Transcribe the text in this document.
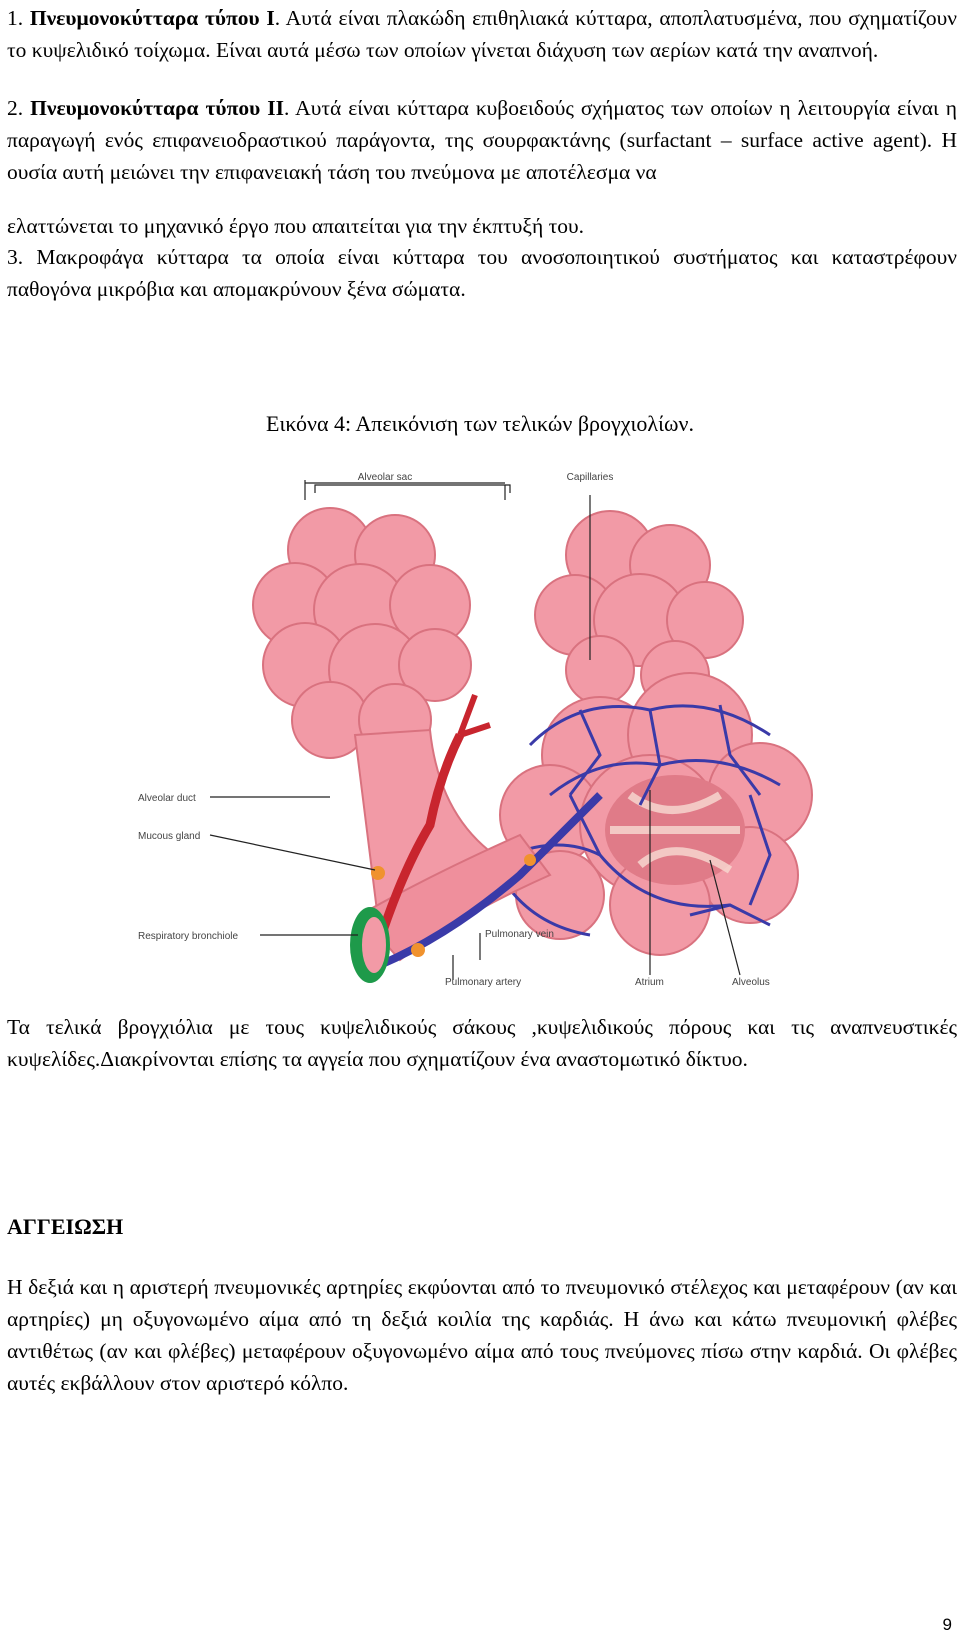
1. Πνευμονοκύτταρα τύπου Ι. Αυτά είναι πλακώδη επιθηλιακά κύτταρα, αποπλατυσμένα, που σχηματίζουν το κυψελιδικό τοίχωμα. Είναι αυτά μέσω των οποίων γίνεται διάχυση των αερίων κατά την αναπνοή.
2. Πνευμονοκύτταρα τύπου ΙΙ. Αυτά είναι κύτταρα κυβοειδούς σχήματος των οποίων η λειτουργία είναι η παραγωγή ενός επιφανειοδραστικού παράγοντα, της σουρφακτάνης (surfactant – surface active agent). Η ουσία αυτή μειώνει την επιφανειακή τάση του πνεύμονα με αποτέλεσμα να
ελαττώνεται το μηχανικό έργο που απαιτείται για την έκπτυξή του.
3. Μακροφάγα κύτταρα τα οποία είναι κύτταρα του ανοσοποιητικού συστήματος και καταστρέφουν παθογόνα μικρόβια και απομακρύνουν ξένα σώματα.
Εικόνα 4: Απεικόνιση των τελικών βρογχιολίων.
Alveolar sac	Capillaries
Alveolar duct
Mucous gland
Respiratory bronchiole	Pulmonary vein
Pulmonary artery	Atrium	Alveolus
Τα τελικά βρογχιόλια με τους κυψελιδικούς σάκους ,κυψελιδικούς πόρους και τις αναπνευστικές κυψελίδες.Διακρίνονται επίσης τα αγγεία που σχηματίζουν ένα αναστομωτικό δίκτυο.
ΑΓΓΕΙΩΣΗ
Η δεξιά και η αριστερή πνευμονικές αρτηρίες εκφύονται από το πνευμονικό στέλεχος και μεταφέρουν (αν και αρτηρίες) μη οξυγονωμένο αίμα από τη δεξιά κοιλία της καρδιάς. Η άνω και κάτω πνευμονική φλέβες αντιθέτως (αν και φλέβες) μεταφέρουν οξυγονωμένο αίμα από τους πνεύμονες πίσω στην καρδιά. Οι φλέβες αυτές εκβάλλουν στον αριστερό κόλπο.
9
